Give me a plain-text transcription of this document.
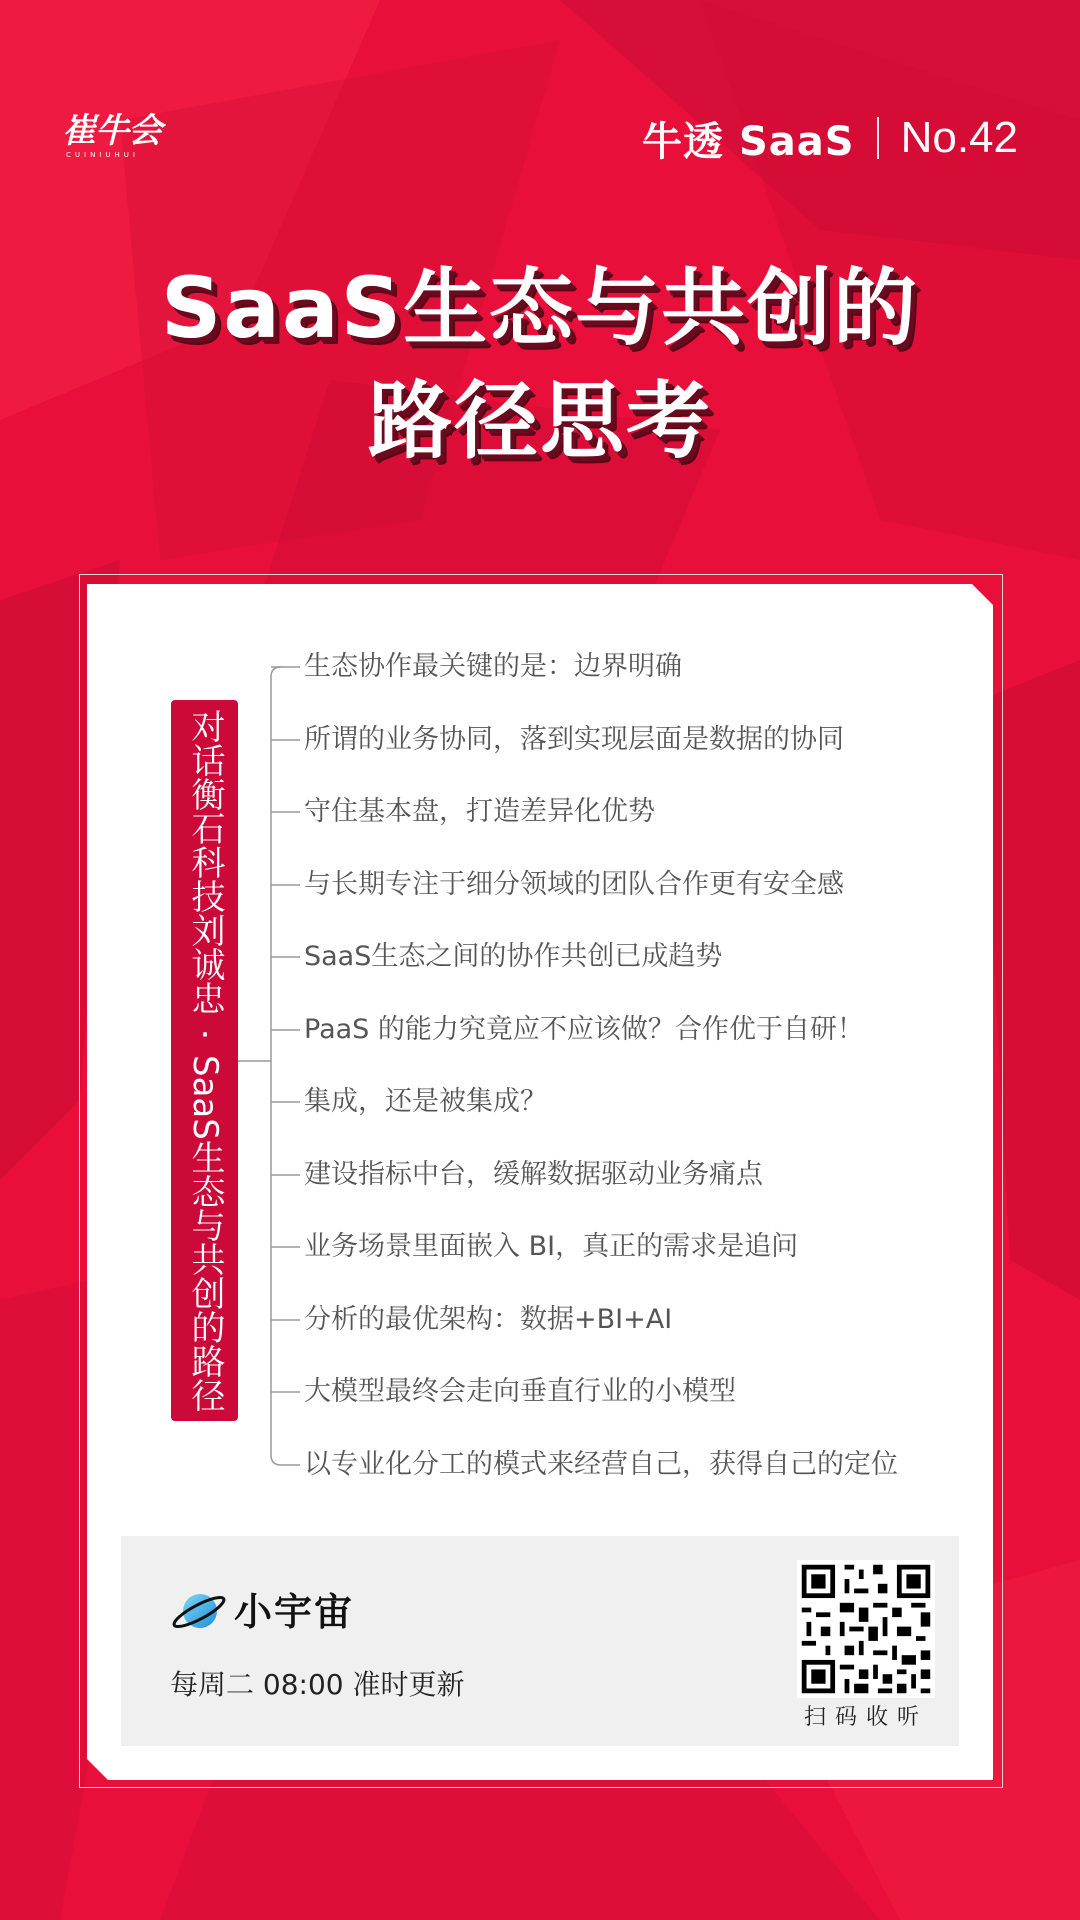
崔牛会
CUINIUHUI	牛透 SaaS No.42
SaaS生态与共创的
路径思考
对话衡石科技刘诚忠·SaaS生态与共创的路径思考
生态协作最关键的是：边界明确
所谓的业务协同，落到实现层面是数据的协同
守住基本盘，打造差异化优势
与长期专注于细分领域的团队合作更有安全感
SaaS生态之间的协作共创已成趋势
PaaS 的能力究竟应不应该做？合作优于自研！
集成，还是被集成？
建设指标中台，缓解数据驱动业务痛点
业务场景里面嵌入 BI，真正的需求是追问
分析的最优架构：数据+BI+AI
大模型最终会走向垂直行业的小模型
以专业化分工的模式来经营自己，获得自己的定位
小宇宙
每周二 08:00 准时更新
扫码收听
